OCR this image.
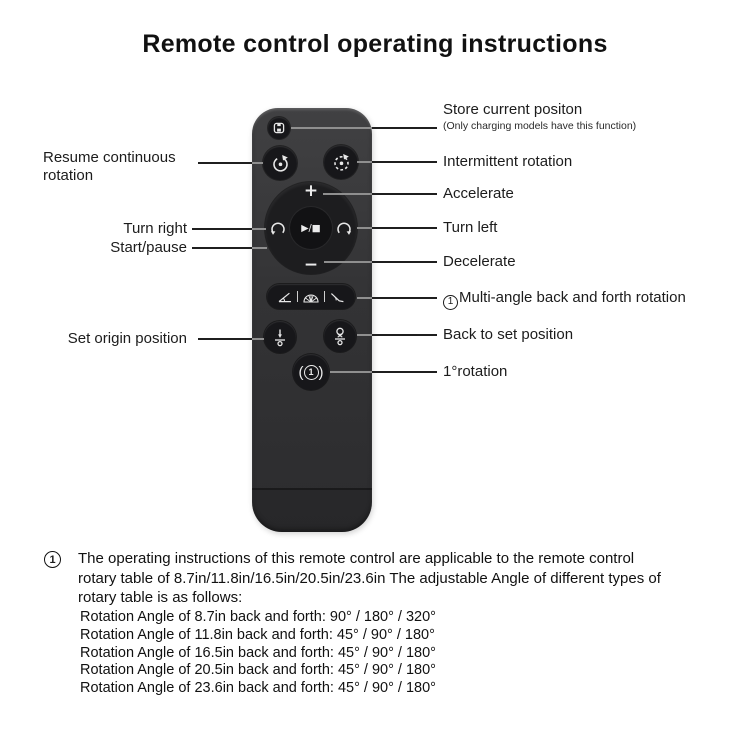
Remote control operating instructions
+
−
▶/■
( 1 )
Resume continuous rotation
Turn right
Start/pause
Set origin position
Store current positon
(Only charging models have this function)
Intermittent rotation
Accelerate
Turn left
Decelerate
1 Multi-angle back and forth rotation
Back to set position
1°rotation
1	The operating instructions of this remote control are applicable to the remote control rotary table of 8.7in/11.8in/16.5in/20.5in/23.6in The adjustable Angle of different types of rotary table is as follows:
Rotation Angle of 8.7in back and forth: 90° / 180° / 320°
Rotation Angle of 11.8in back and forth: 45° / 90° / 180°
Rotation Angle of 16.5in back and forth: 45° / 90° / 180°
Rotation Angle of 20.5in back and forth: 45° / 90° / 180°
Rotation Angle of 23.6in back and forth: 45° / 90° / 180°
